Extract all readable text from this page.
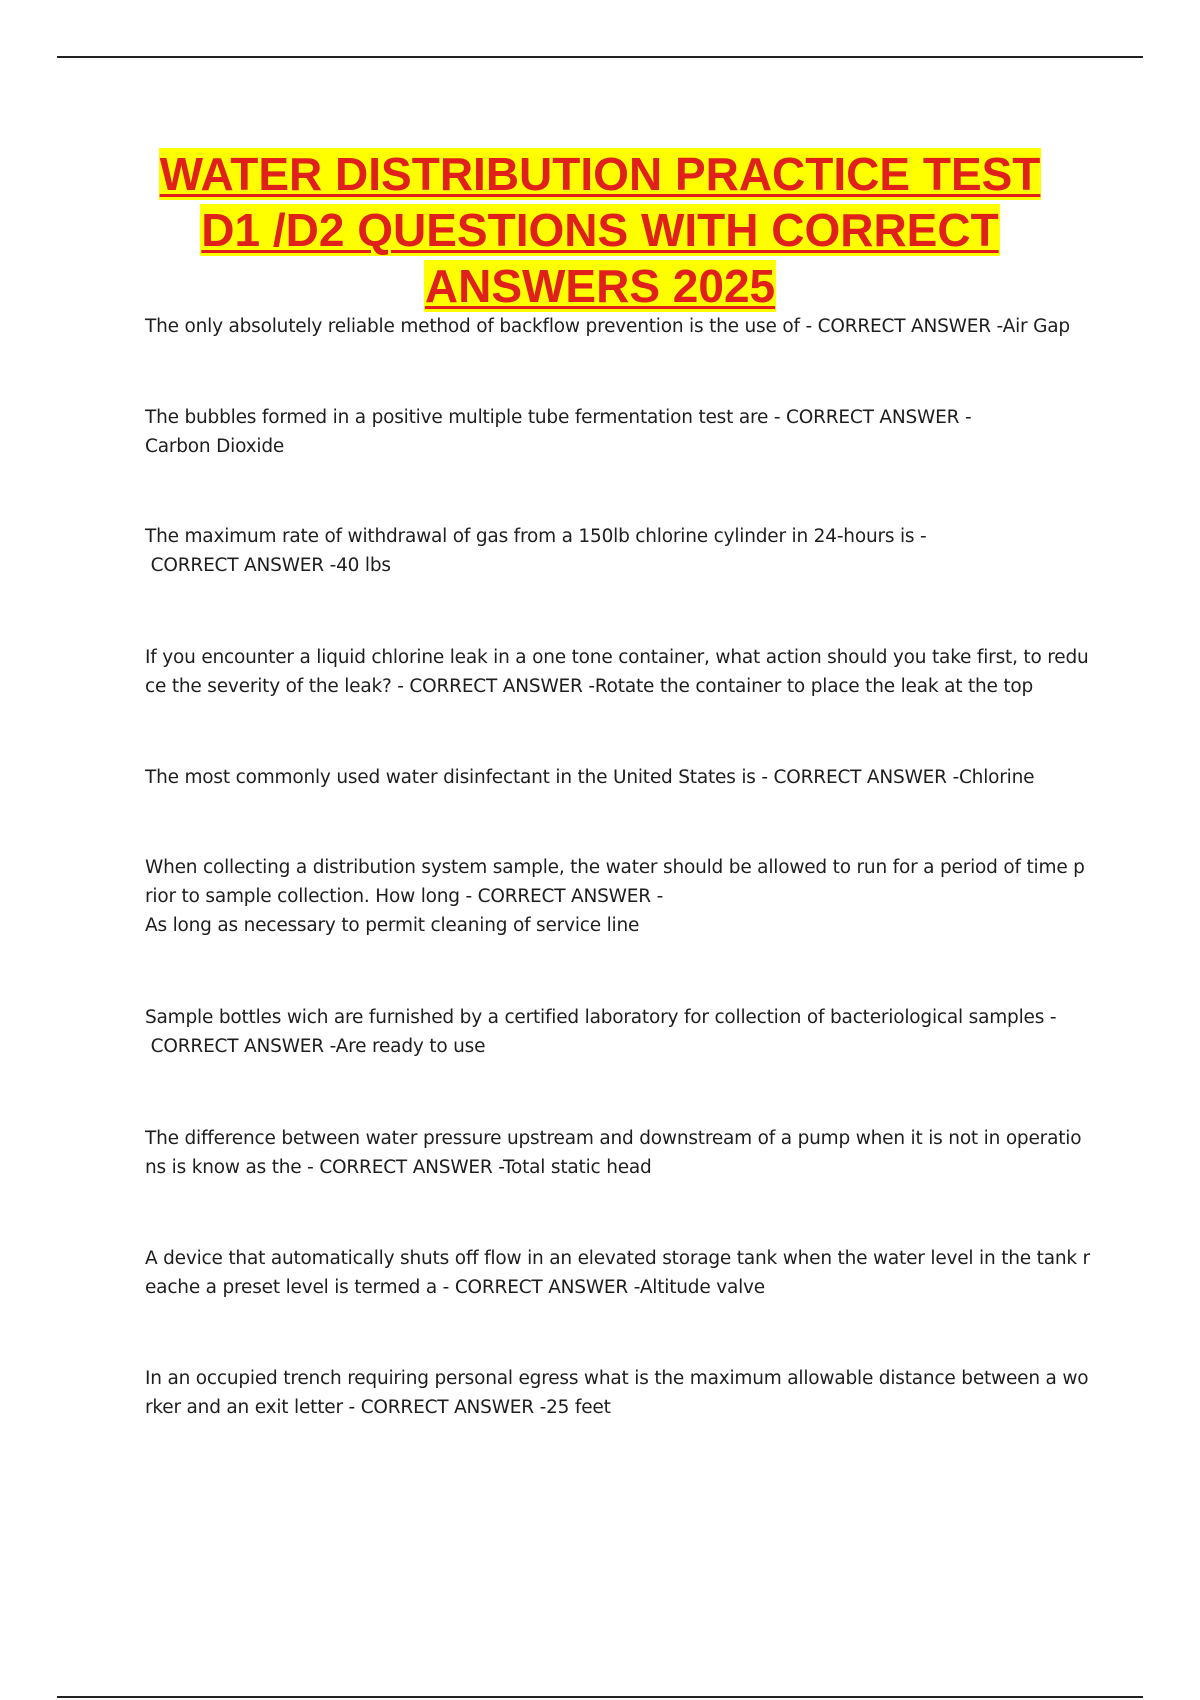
WATER DISTRIBUTION PRACTICE TEST
D1 /D2 QUESTIONS WITH CORRECT
ANSWERS 2025

The only absolutely reliable method of backflow prevention is the use of - CORRECT ANSWER -Air Gap

The bubbles formed in a positive multiple tube fermentation test are - CORRECT ANSWER -
Carbon Dioxide

The maximum rate of withdrawal of gas from a 150lb chlorine cylinder in 24-hours is -
CORRECT ANSWER -40 lbs

If you encounter a liquid chlorine leak in a one tone container, what action should you take first, to redu
ce the severity of the leak? - CORRECT ANSWER -Rotate the container to place the leak at the top

The most commonly used water disinfectant in the United States is - CORRECT ANSWER -Chlorine

When collecting a distribution system sample, the water should be allowed to run for a period of time p
rior to sample collection. How long - CORRECT ANSWER -
As long as necessary to permit cleaning of service line

Sample bottles wich are furnished by a certified laboratory for collection of bacteriological samples -
CORRECT ANSWER -Are ready to use

The difference between water pressure upstream and downstream of a pump when it is not in operatio
ns is know as the - CORRECT ANSWER -Total static head

A device that automatically shuts off flow in an elevated storage tank when the water level in the tank r
eache a preset level is termed a - CORRECT ANSWER -Altitude valve

In an occupied trench requiring personal egress what is the maximum allowable distance between a wo
rker and an exit letter - CORRECT ANSWER -25 feet
